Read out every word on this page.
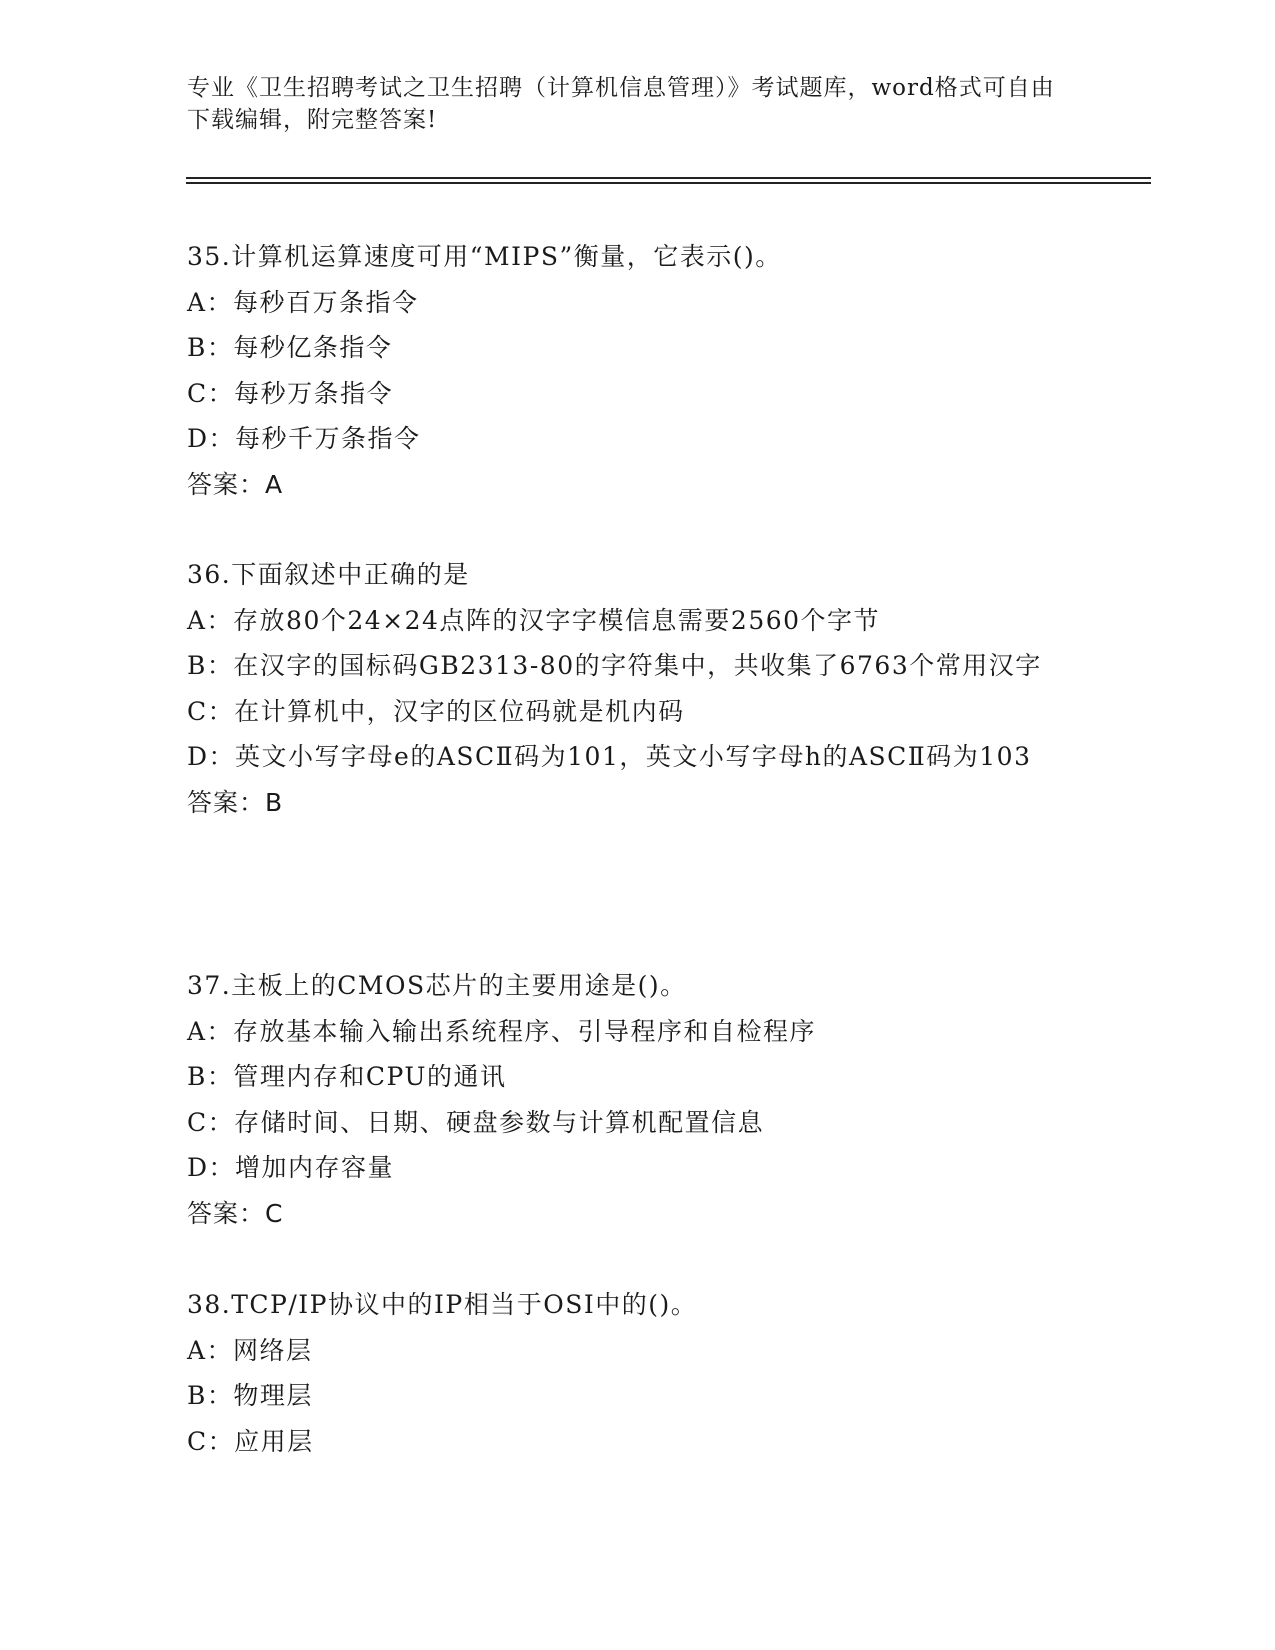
专业《卫生招聘考试之卫生招聘（计算机信息管理）》考试题库，word格式可自由下载编辑，附完整答案!
35.计算机运算速度可用“MIPS”衡量，它表示()。
A：每秒百万条指令
B：每秒亿条指令
C：每秒万条指令
D：每秒千万条指令
答案：A
36.下面叙述中正确的是
A：存放80个24×24点阵的汉字字模信息需要2560个字节
B：在汉字的国标码GB2313-80的字符集中，共收集了6763个常用汉字
C：在计算机中，汉字的区位码就是机内码
D：英文小写字母e的ASCⅡ码为101，英文小写字母h的ASCⅡ码为103
答案：B
37.主板上的CMOS芯片的主要用途是()。
A：存放基本输入输出系统程序、引导程序和自检程序
B：管理内存和CPU的通讯
C：存储时间、日期、硬盘参数与计算机配置信息
D：增加内存容量
答案：C
38.TCP/IP协议中的IP相当于OSI中的()。
A：网络层
B：物理层
C：应用层
